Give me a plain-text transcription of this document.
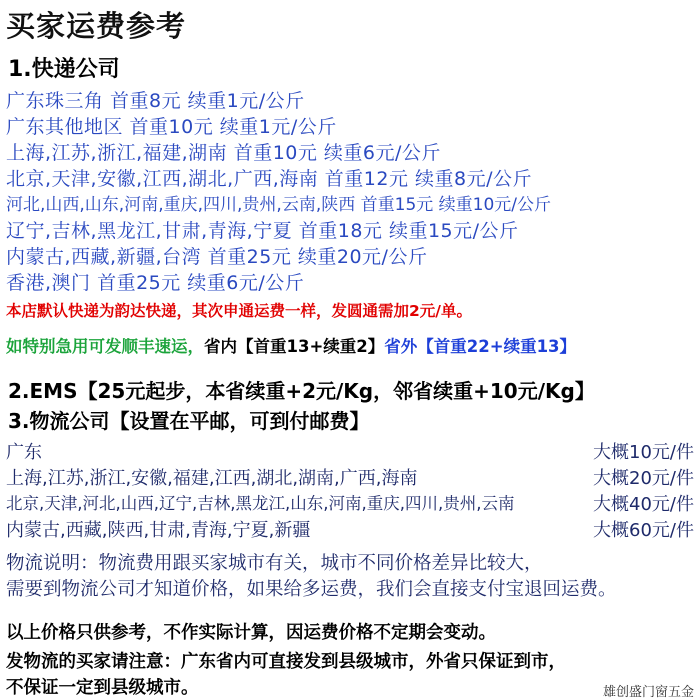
买家运费参考
1.快递公司
广东珠三角 首重8元 续重1元/公斤
广东其他地区 首重10元 续重1元/公斤
上海,江苏,浙江,福建,湖南 首重10元 续重6元/公斤
北京,天津,安徽,江西,湖北,广西,海南 首重12元 续重8元/公斤
河北,山西,山东,河南,重庆,四川,贵州,云南,陕西 首重15元 续重10元/公斤
辽宁,吉林,黑龙江,甘肃,青海,宁夏 首重18元 续重15元/公斤
内蒙古,西藏,新疆,台湾 首重25元 续重20元/公斤
香港,澳门 首重25元 续重6元/公斤
本店默认快递为韵达快递，其次申通运费一样，发圆通需加2元/单。
如特别急用可发顺丰速运，省内【首重13+续重2】省外【首重22+续重13】
2.EMS【25元起步，本省续重+2元/Kg，邻省续重+10元/Kg】
3.物流公司【设置在平邮，可到付邮费】
广东	大概10元/件
上海,江苏,浙江,安徽,福建,江西,湖北,湖南,广西,海南	大概20元/件
北京,天津,河北,山西,辽宁,吉林,黑龙江,山东,河南,重庆,四川,贵州,云南	大概40元/件
内蒙古,西藏,陕西,甘肃,青海,宁夏,新疆	大概60元/件
物流说明：物流费用跟买家城市有关，城市不同价格差异比较大，
需要到物流公司才知道价格，如果给多运费，我们会直接支付宝退回运费。
以上价格只供参考，不作实际计算，因运费价格不定期会变动。
发物流的买家请注意：广东省内可直接发到县级城市，外省只保证到市，
不保证一定到县级城市。	雄创盛门窗五金
